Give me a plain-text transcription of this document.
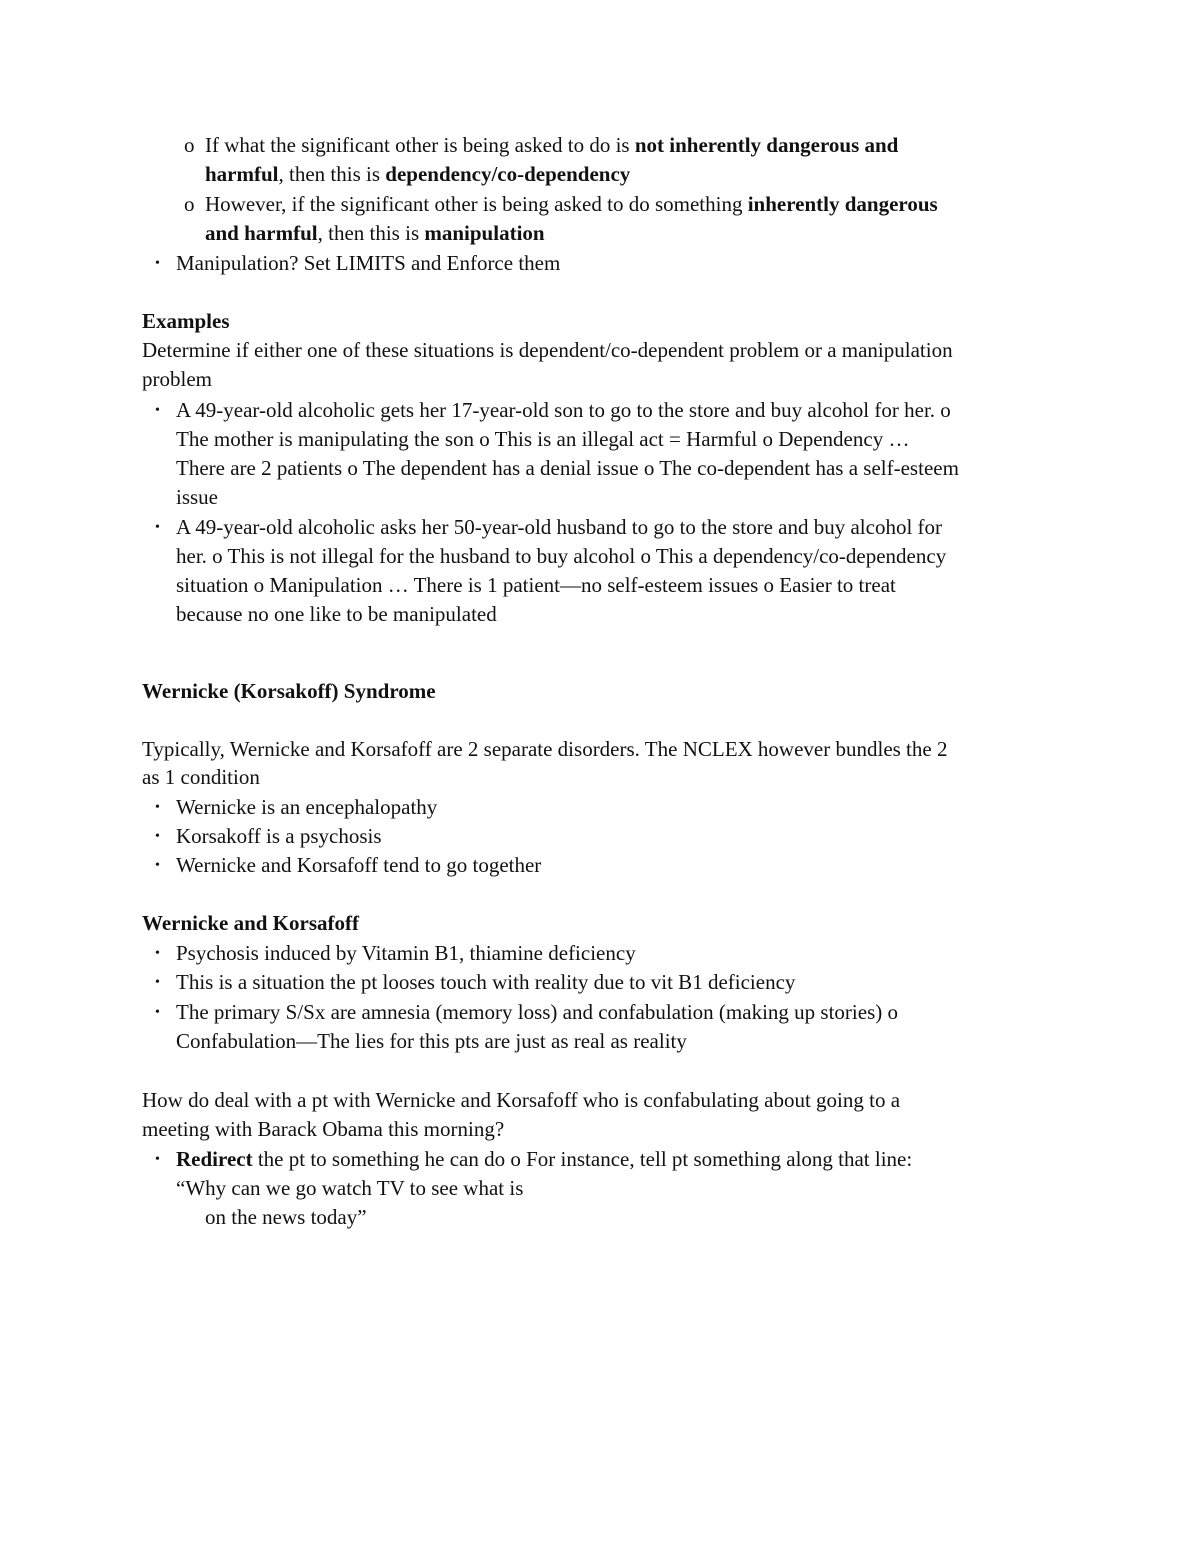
o If what the significant other is being asked to do is not inherently dangerous and
harmful, then this is dependency/co-dependency
o However, if the significant other is being asked to do something inherently dangerous
and harmful, then this is manipulation
• Manipulation? Set LIMITS and Enforce them
Examples
Determine if either one of these situations is dependent/co-dependent problem or a manipulation
problem
• A 49-year-old alcoholic gets her 17-year-old son to go to the store and buy alcohol for her. o
The mother is manipulating the son o This is an illegal act = Harmful o Dependency …
There are 2 patients o The dependent has a denial issue o The co-dependent has a self-esteem
issue
• A 49-year-old alcoholic asks her 50-year-old husband to go to the store and buy alcohol for
her. o This is not illegal for the husband to buy alcohol o This a dependency/co-dependency
situation o Manipulation … There is 1 patient—no self-esteem issues o Easier to treat
because no one like to be manipulated
Wernicke (Korsakoff) Syndrome
Typically, Wernicke and Korsafoff are 2 separate disorders. The NCLEX however bundles the 2
as 1 condition
• Wernicke is an encephalopathy
• Korsakoff is a psychosis
• Wernicke and Korsafoff tend to go together
Wernicke and Korsafoff
• Psychosis induced by Vitamin B1, thiamine deficiency
• This is a situation the pt looses touch with reality due to vit B1 deficiency
• The primary S/Sx are amnesia (memory loss) and confabulation (making up stories) o
Confabulation—The lies for this pts are just as real as reality
How do deal with a pt with Wernicke and Korsafoff who is confabulating about going to a
meeting with Barack Obama this morning?
• Redirect the pt to something he can do o For instance, tell pt something along that line:
“Why can we go watch TV to see what is
on the news today”
